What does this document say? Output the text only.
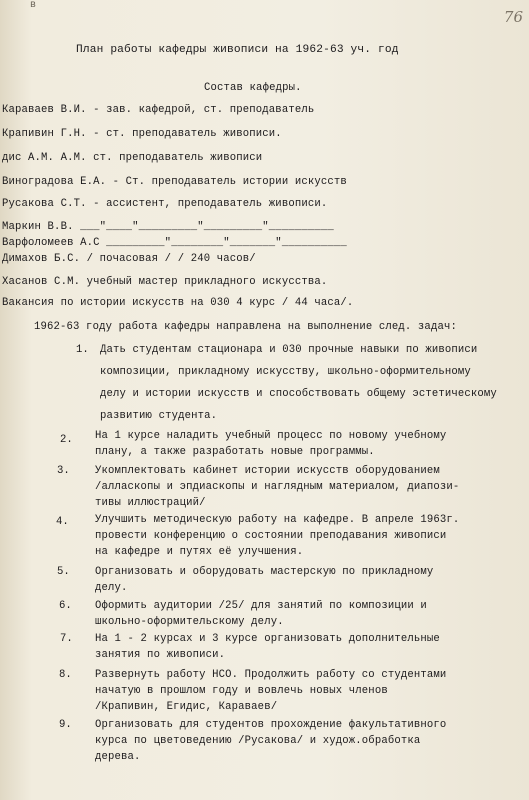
в
76
План работы кафедры живописи на 1962-63 уч. год
Состав кафедры.
Караваев В.И. - зав. кафедрой, ст. преподаватель
Крапивин Г.Н. - ст. преподаватель живописи.
дис А.М. А.М. ст. преподаватель живописи
Виноградова Е.А. - Ст. преподаватель истории искусств
Русакова С.Т. - ассистент, преподаватель живописи.
Маркин В.В. ___"____"_________"_________"__________
Варфоломеев А.С _________"________"_______"__________
Димахов Б.С. / почасовая / / 240 часов/
Хасанов С.М. учебный мастер прикладного искусства.
Вакансия по истории искусств на 030 4 курс / 44 часа/.
1962-63 году работа кафедры направлена на выполнение след. задач:
1. Дать студентам стационара и 030 прочные навыки по живописи
композиции, прикладному искусству, школьно-оформительному
делу и истории искусств и способствовать общему эстетическому
развитию студента.
2. На 1 курсе наладить учебный процесс по новому учебному
плану, а также разработать новые программы.
3. Укомплектовать кабинет истории искусств оборудованием
/алласкопы и эпдиаскопы и наглядным материалом, диапози-
тивы иллюстраций/
4. Улучшить методическую работу на кафедре. В апреле 1963г.
провести конференцию о состоянии преподавания живописи
на кафедре и путях её улучшения.
5. Организовать и оборудовать мастерскую по прикладному
делу.
6. Оформить аудитории /25/ для занятий по композиции и
школьно-оформительскому делу.
7. На 1 - 2 курсах и 3 курсе организовать дополнительные
занятия по живописи.
8. Развернуть работу НСО. Продолжить работу со студентами
начатую в прошлом году и вовлечь новых членов
/Крапивин, Егидис, Караваев/
9. Организовать для студентов прохождение факультативного
курса по цветоведению /Русакова/ и худож.обработка
дерева.
